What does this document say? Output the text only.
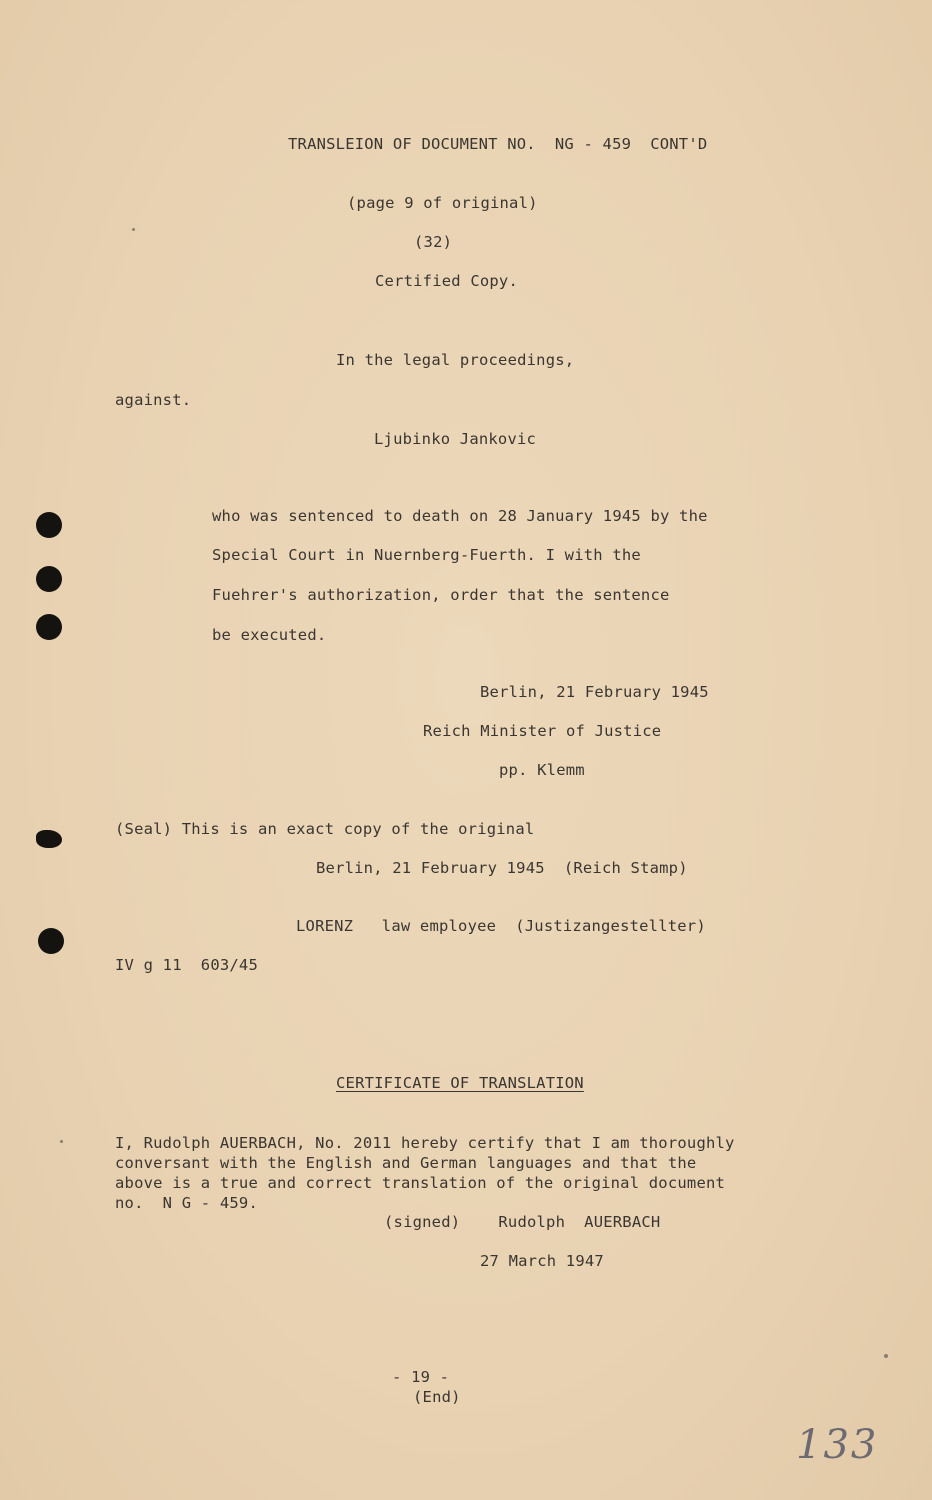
TRANSLEION OF DOCUMENT NO.  NG - 459  CONT'D
(page 9 of original)
(32)
Certified Copy.
In the legal proceedings,
against.
Ljubinko Jankovic
who was sentenced to death on 28 January 1945 by the
Special Court in Nuernberg-Fuerth. I with the
Fuehrer's authorization, order that the sentence
be executed.
Berlin, 21 February 1945
Reich Minister of Justice
pp. Klemm
(Seal) This is an exact copy of the original
Berlin, 21 February 1945  (Reich Stamp)
LORENZ   law employee  (Justizangestellter)
IV g 11  603/45
CERTIFICATE OF TRANSLATION
I, Rudolph AUERBACH, No. 2011 hereby certify that I am thoroughly
conversant with the English and German languages and that the
above is a true and correct translation of the original document
no.  N G - 459.
(signed)    Rudolph  AUERBACH
27 March 1947
- 19 -
(End)
133
